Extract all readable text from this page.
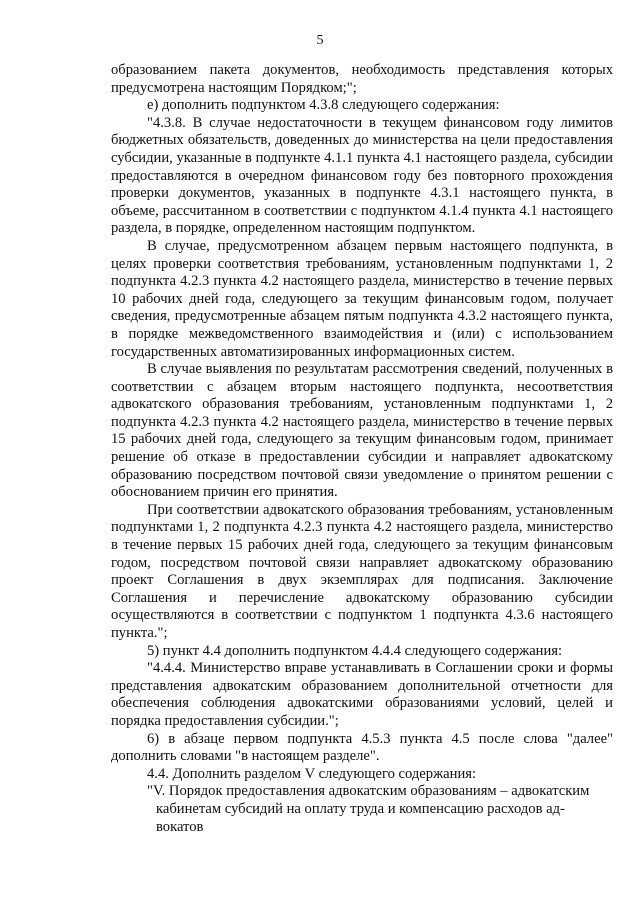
5

образованием пакета документов, необходимость представления которых предусмотрена настоящим Порядком;";

е) дополнить подпунктом 4.3.8 следующего содержания:

"4.3.8. В случае недостаточности в текущем финансовом году лимитов бюджетных обязательств, доведенных до министерства на цели предоставления субсидии, указанные в подпункте 4.1.1 пункта 4.1 настоящего раздела, субсидии предоставляются в очередном финансовом году без повторного прохождения проверки документов, указанных в подпункте 4.3.1 настоящего пункта, в объеме, рассчитанном в соответствии с подпунктом 4.1.4 пункта 4.1 настоящего раздела, в порядке, определенном настоящим подпунктом.

В случае, предусмотренном абзацем первым настоящего подпункта, в целях проверки соответствия требованиям, установленным подпунктами 1, 2 подпункта 4.2.3 пункта 4.2 настоящего раздела, министерство в течение первых 10 рабочих дней года, следующего за текущим финансовым годом, получает сведения, предусмотренные абзацем пятым подпункта 4.3.2 настоящего пункта, в порядке межведомственного взаимодействия и (или) с использованием государственных автоматизированных информационных систем.

В случае выявления по результатам рассмотрения сведений, полученных в соответствии с абзацем вторым настоящего подпункта, несоответствия адвокатского образования требованиям, установленным подпунктами 1, 2 подпункта 4.2.3 пункта 4.2 настоящего раздела, министерство в течение первых 15 рабочих дней года, следующего за текущим финансовым годом, принимает решение об отказе в предоставлении субсидии и направляет адвокатскому образованию посредством почтовой связи уведомление о принятом решении с обоснованием причин его принятия.

При соответствии адвокатского образования требованиям, установленным подпунктами 1, 2 подпункта 4.2.3 пункта 4.2 настоящего раздела, министерство в течение первых 15 рабочих дней года, следующего за текущим финансовым годом, посредством почтовой связи направляет адвокатскому образованию проект Соглашения в двух экземплярах для подписания. Заключение Соглашения и перечисление адвокатскому образованию субсидии осуществляются в соответствии с подпунктом 1 подпункта 4.3.6 настоящего пункта.";

5) пункт 4.4 дополнить подпунктом 4.4.4 следующего содержания:

"4.4.4. Министерство вправе устанавливать в Соглашении сроки и формы представления адвокатским образованием дополнительной отчетности для обеспечения соблюдения адвокатскими образованиями условий, целей и порядка предоставления субсидии.";

6) в абзаце первом подпункта 4.5.3 пункта 4.5 после слова "далее" дополнить словами "в настоящем разделе".

4.4. Дополнить разделом V следующего содержания:

"V. Порядок предоставления адвокатским образованиям – адвокатским
кабинетам субсидий на оплату труда и компенсацию расходов ад-
вокатов
